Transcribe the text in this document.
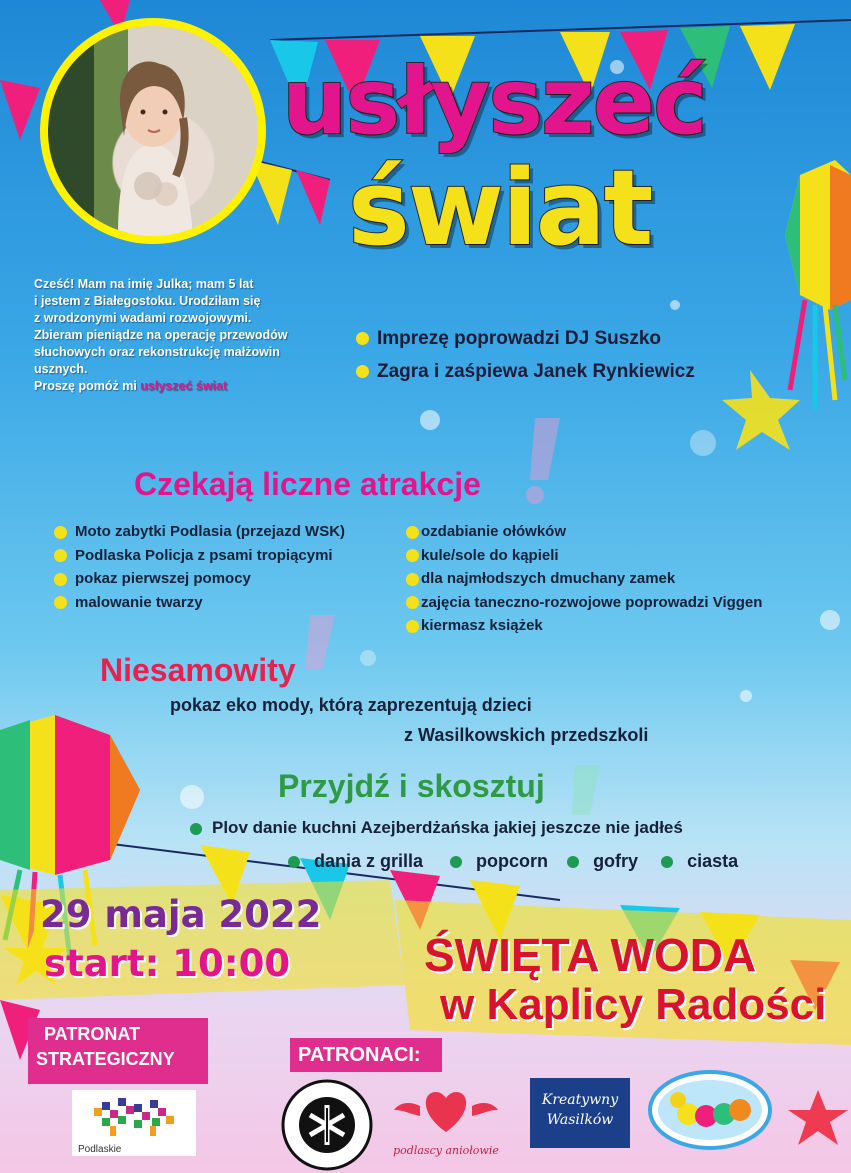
usłyszeć
świat
Cześć! Mam na imię Julka; mam 5 lat
i jestem z Białegostoku. Urodziłam się
z wrodzonymi wadami rozwojowymi.
Zbieram pieniądze na operację przewodów
słuchowych oraz rekonstrukcję małżowin
usznych.
Proszę pomóż mi usłyszeć świat
Imprezę poprowadzi DJ Suszko
Zagra i zaśpiewa Janek Rynkiewicz
Czekają liczne atrakcje
Moto zabytki Podlasia (przejazd WSK)
Podlaska Policja z psami tropiącymi
pokaz pierwszej pomocy
malowanie twarzy
ozdabianie ołówków
kule/sole do kąpieli
dla najmłodszych dmuchany zamek
zajęcia taneczno-rozwojowe poprowadzi Viggen
kiermasz książek
Niesamowity
pokaz eko mody, którą zaprezentują dzieci
z Wasilkowskich przedszkoli
Przyjdź i skosztuj
Plov danie kuchni Azejberdżańska jakiej jeszcze nie jadłeś
dania z grilla	popcorn	gofry	ciasta
29 maja 2022
start: 10:00	ŚWIĘTA WODA
w Kaplicy Radości
PATRONAT
STRATEGICZNY
Podlaskie
PATRONACI:
podlascy aniołowie
Kreatywny
Wasilków
